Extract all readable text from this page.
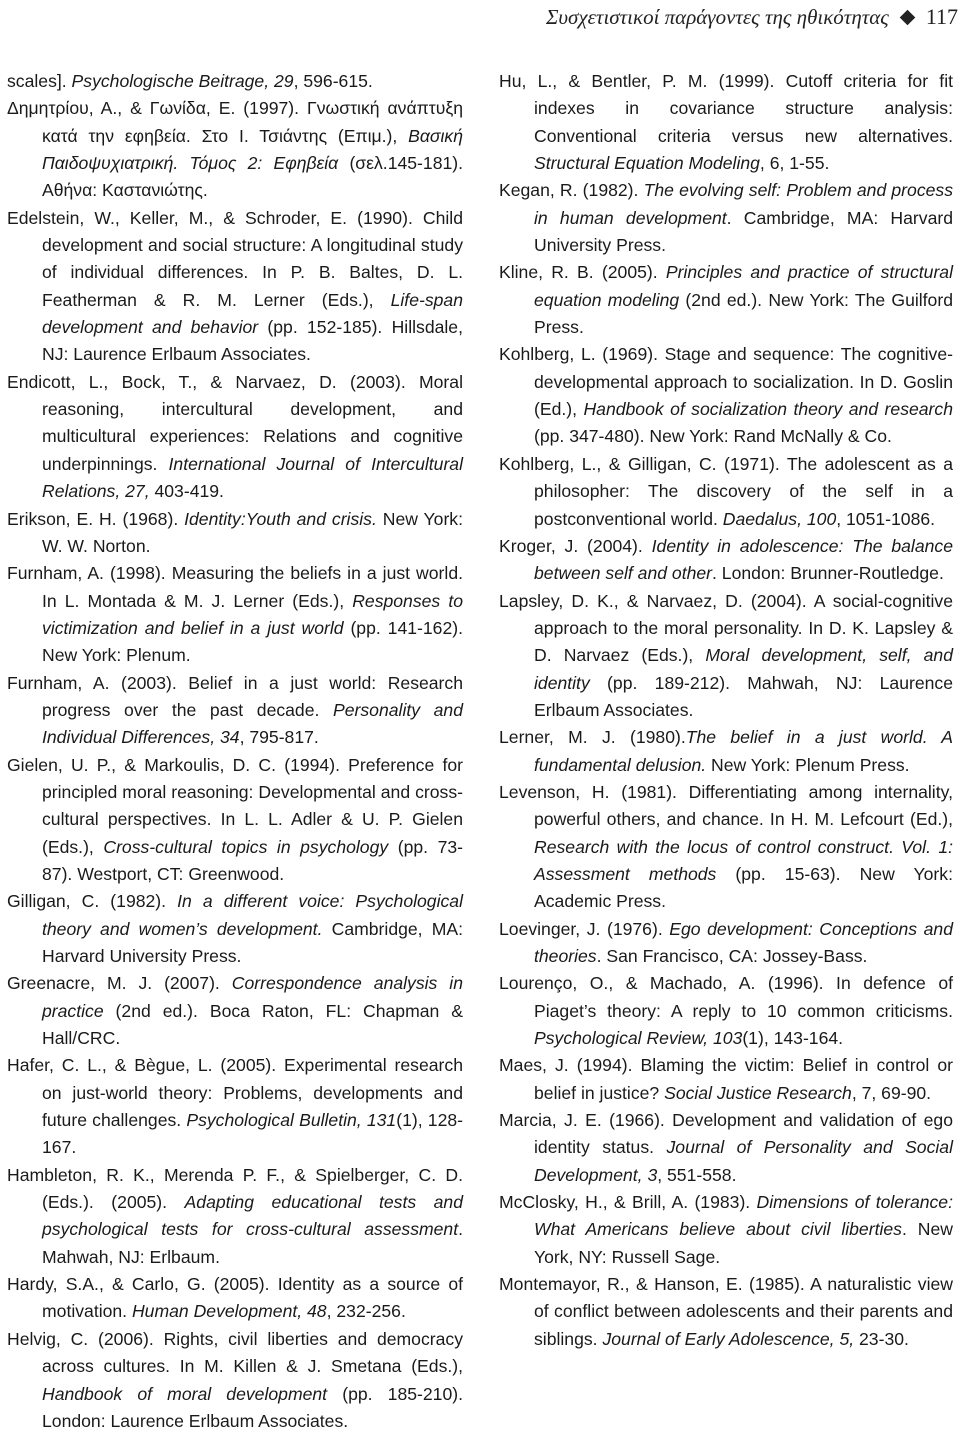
Συσχετιστικοί παράγοντες της ηθικότητας 117

scales]. Psychologische Beitrage, 29, 596-615.

Δημητρίου, Α., & Γωνίδα, Ε. (1997). Γνωστική ανάπτυξη κατά την εφηβεία. Στο Ι. Τσιάντης (Επιμ.), Βασική Παιδοψυχιατρική. Τόμος 2: Εφηβεία (σελ.145-181). Αθήνα: Καστανιώτης.

Edelstein, W., Keller, M., & Schroder, E. (1990). Child development and social structure: A longitudinal study of individual differences. In P. B. Baltes, D. L. Featherman & R. M. Lerner (Eds.), Life-span development and behavior (pp. 152-185). Hillsdale, NJ: Laurence Erlbaum Associates.

Endicott, L., Bock, T., & Narvaez, D. (2003). Moral reasoning, intercultural development, and multicultural experiences: Relations and cognitive underpinnings. International Journal of Intercultural Relations, 27, 403-419.

Erikson, E. H. (1968). Identity:Youth and crisis. New York: W. W. Norton.

Furnham, A. (1998). Measuring the beliefs in a just world. In L. Montada & M. J. Lerner (Eds.), Responses to victimization and belief in a just world (pp. 141-162). New York: Plenum.

Furnham, A. (2003). Belief in a just world: Research progress over the past decade. Personality and Individual Differences, 34, 795-817.

Gielen, U. P., & Markoulis, D. C. (1994). Preference for principled moral reasoning: Developmental and cross-cultural perspectives. In L. L. Adler & U. P. Gielen (Eds.), Cross-cultural topics in psychology (pp. 73-87). Westport, CT: Greenwood.

Gilligan, C. (1982). In a different voice: Psychological theory and women’s development. Cambridge, MA: Harvard University Press.

Greenacre, M. J. (2007). Correspondence analysis in practice (2nd ed.). Boca Raton, FL: Chapman & Hall/CRC.

Hafer, C. L., & Bègue, L. (2005). Experimental research on just-world theory: Problems, developments and future challenges. Psychological Bulletin, 131(1), 128-167.

Hambleton, R. K., Merenda P. F., & Spielberger, C. D. (Eds.). (2005). Adapting educational tests and psychological tests for cross-cultural assessment. Mahwah, NJ: Erlbaum.

Hardy, S.A., & Carlo, G. (2005). Identity as a source of motivation. Human Development, 48, 232-256.

Helvig, C. (2006). Rights, civil liberties and democracy across cultures. In M. Killen & J. Smetana (Eds.), Handbook of moral development (pp. 185-210). London: Laurence Erlbaum Associates.

Hu, L., & Bentler, P. M. (1999). Cutoff criteria for fit indexes in covariance structure analysis: Conventional criteria versus new alternatives. Structural Equation Modeling, 6, 1-55.

Kegan, R. (1982). The evolving self: Problem and process in human development. Cambridge, MA: Harvard University Press.

Kline, R. B. (2005). Principles and practice of structural equation modeling (2nd ed.). New York: The Guilford Press.

Kohlberg, L. (1969). Stage and sequence: The cognitive-developmental approach to socialization. In D. Goslin (Ed.), Handbook of socialization theory and research (pp. 347-480). New York: Rand McNally & Co.

Kohlberg, L., & Gilligan, C. (1971). The adolescent as a philosopher: The discovery of the self in a postconventional world. Daedalus, 100, 1051-1086.

Kroger, J. (2004). Identity in adolescence: The balance between self and other. London: Brunner-Routledge.

Lapsley, D. K., & Narvaez, D. (2004). A social-cognitive approach to the moral personality. In D. K. Lapsley & D. Narvaez (Eds.), Moral development, self, and identity (pp. 189-212). Mahwah, NJ: Laurence Erlbaum Associates.

Lerner, M. J. (1980).The belief in a just world. A fundamental delusion. New York: Plenum Press.

Levenson, H. (1981). Differentiating among internality, powerful others, and chance. In H. M. Lefcourt (Ed.), Research with the locus of control construct. Vol. 1: Assessment methods (pp. 15-63). New York: Academic Press.

Loevinger, J. (1976). Ego development: Conceptions and theories. San Francisco, CA: Jossey-Bass.

Lourenço, O., & Machado, A. (1996). In defence of Piaget’s theory: A reply to 10 common criticisms. Psychological Review, 103(1), 143-164.

Maes, J. (1994). Blaming the victim: Belief in control or belief in justice? Social Justice Research, 7, 69-90.

Marcia, J. E. (1966). Development and validation of ego identity status. Journal of Personality and Social Development, 3, 551-558.

McClosky, H., & Brill, A. (1983). Dimensions of tolerance: What Americans believe about civil liberties. New York, NY: Russell Sage.

Montemayor, R., & Hanson, E. (1985). A naturalistic view of conflict between adolescents and their parents and siblings. Journal of Early Adolescence, 5, 23-30.
